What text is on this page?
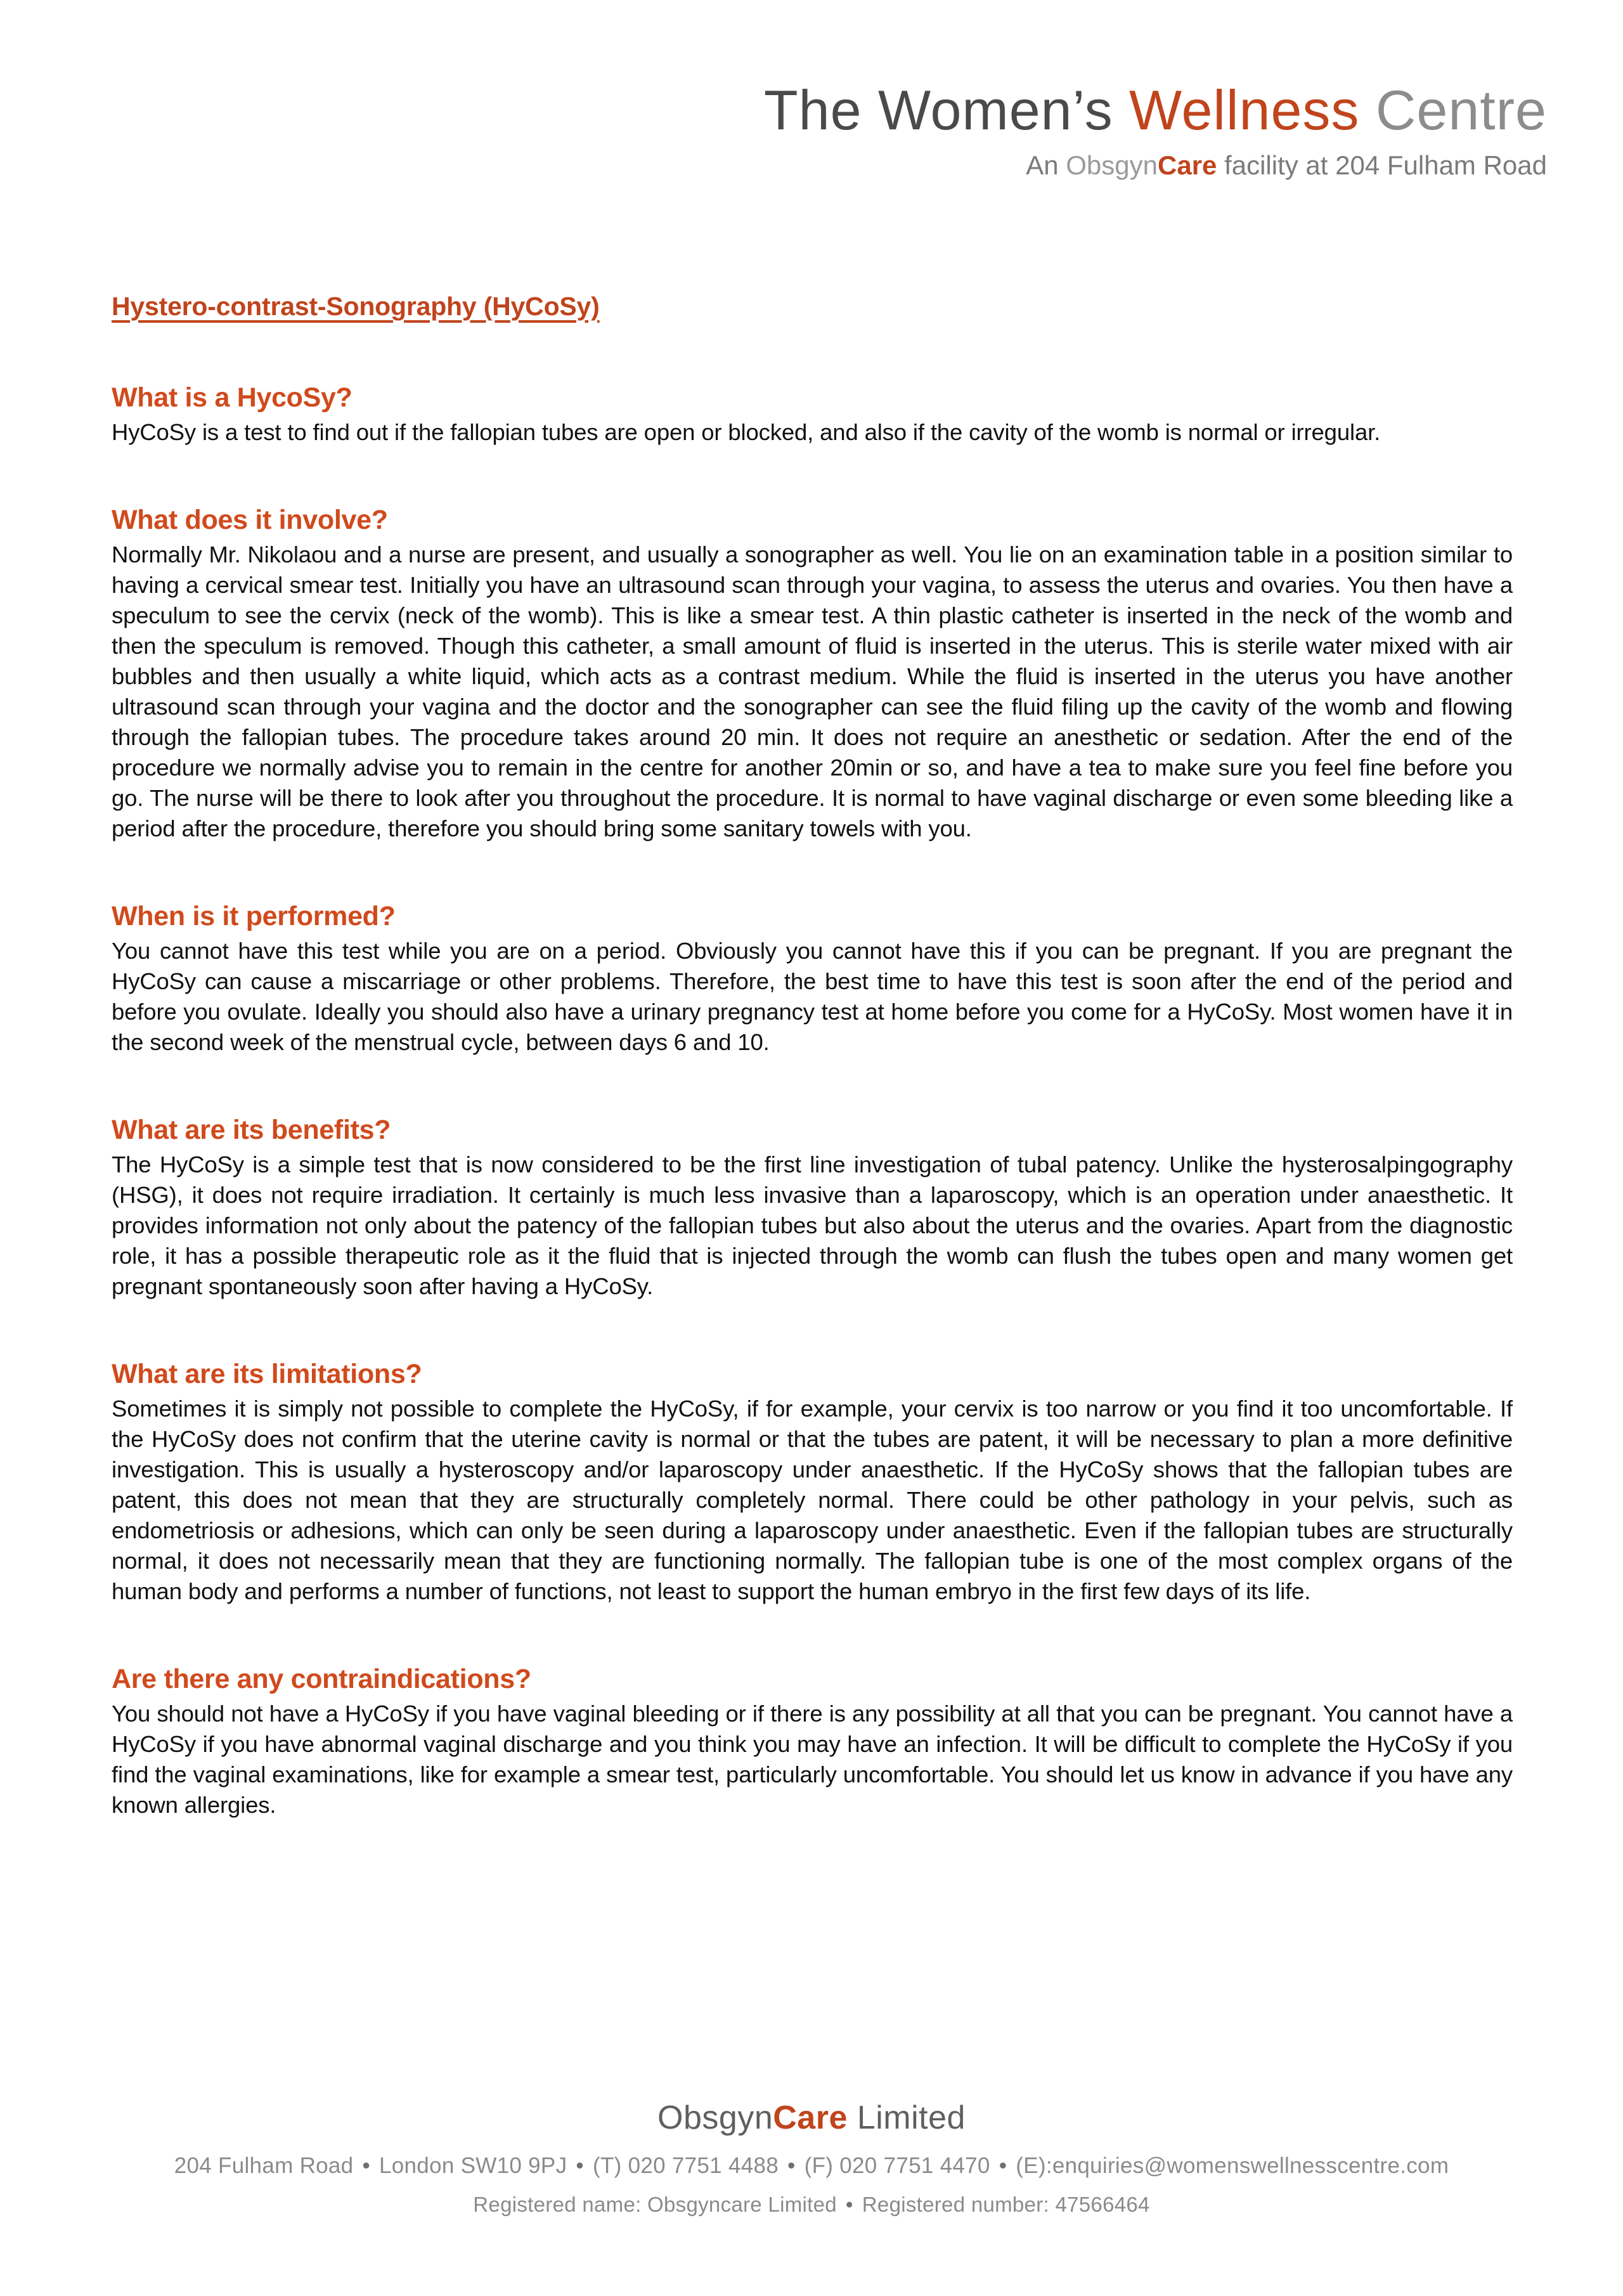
The Women’s Wellness Centre
An ObsgynCare facility at 204 Fulham Road
Hystero-contrast-Sonography (HyCoSy)
What is a HycoSy?

HyCoSy is a test to find out if the fallopian tubes are open or blocked, and also if the cavity of the womb is normal or irregular.

What does it involve?

Normally Mr. Nikolaou and a nurse are present, and usually a sonographer as well. You lie on an examination table in a position similar to having a cervical smear test. Initially you have an ultrasound scan through your vagina, to assess the uterus and ovaries. You then have a speculum to see the cervix (neck of the womb). This is like a smear test. A thin plastic catheter is inserted in the neck of the womb and then the speculum is removed. Though this catheter, a small amount of fluid is inserted in the uterus. This is sterile water mixed with air bubbles and then usually a white liquid, which acts as a contrast medium. While the fluid is inserted in the uterus you have another ultrasound scan through your vagina and the doctor and the sonographer can see the fluid filing up the cavity of the womb and flowing through the fallopian tubes. The procedure takes around 20 min. It does not require an anesthetic or sedation. After the end of the procedure we normally advise you to remain in the centre for another 20min or so, and have a tea to make sure you feel fine before you go. The nurse will be there to look after you throughout the procedure. It is normal to have vaginal discharge or even some bleeding like a period after the procedure, therefore you should bring some sanitary towels with you.

When is it performed?

You cannot have this test while you are on a period. Obviously you cannot have this if you can be pregnant. If you are pregnant the HyCoSy can cause a miscarriage or other problems. Therefore, the best time to have this test is soon after the end of the period and before you ovulate. Ideally you should also have a urinary pregnancy test at home before you come for a HyCoSy. Most women have it in the second week of the menstrual cycle, between days 6 and 10.

What are its benefits?

The HyCoSy is a simple test that is now considered to be the first line investigation of tubal patency. Unlike the hysterosalpingography (HSG), it does not require irradiation. It certainly is much less invasive than a laparoscopy, which is an operation under anaesthetic. It provides information not only about the patency of the fallopian tubes but also about the uterus and the ovaries. Apart from the diagnostic role, it has a possible therapeutic role as it the fluid that is injected through the womb can flush the tubes open and many women get pregnant spontaneously soon after having a HyCoSy.

What are its limitations?

Sometimes it is simply not possible to complete the HyCoSy, if for example, your cervix is too narrow or you find it too uncomfortable. If the HyCoSy does not confirm that the uterine cavity is normal or that the tubes are patent, it will be necessary to plan a more definitive investigation. This is usually a hysteroscopy and/or laparoscopy under anaesthetic. If the HyCoSy shows that the fallopian tubes are patent, this does not mean that they are structurally completely normal. There could be other pathology in your pelvis, such as endometriosis or adhesions, which can only be seen during a laparoscopy under anaesthetic. Even if the fallopian tubes are structurally normal, it does not necessarily mean that they are functioning normally. The fallopian tube is one of the most complex organs of the human body and performs a number of functions, not least to support the human embryo in the first few days of its life.

Are there any contraindications?

You should not have a HyCoSy if you have vaginal bleeding or if there is any possibility at all that you can be pregnant. You cannot have a HyCoSy if you have abnormal vaginal discharge and you think you may have an infection. It will be difficult to complete the HyCoSy if you find the vaginal examinations, like for example a smear test, particularly uncomfortable. You should let us know in advance if you have any known allergies.

ObsgynCare Limited
204 Fulham Road • London SW10 9PJ • (T) 020 7751 4488 • (F) 020 7751 4470 • (E):enquiries@womenswellnesscentre.com
Registered name: Obsgyncare Limited • Registered number: 47566464
